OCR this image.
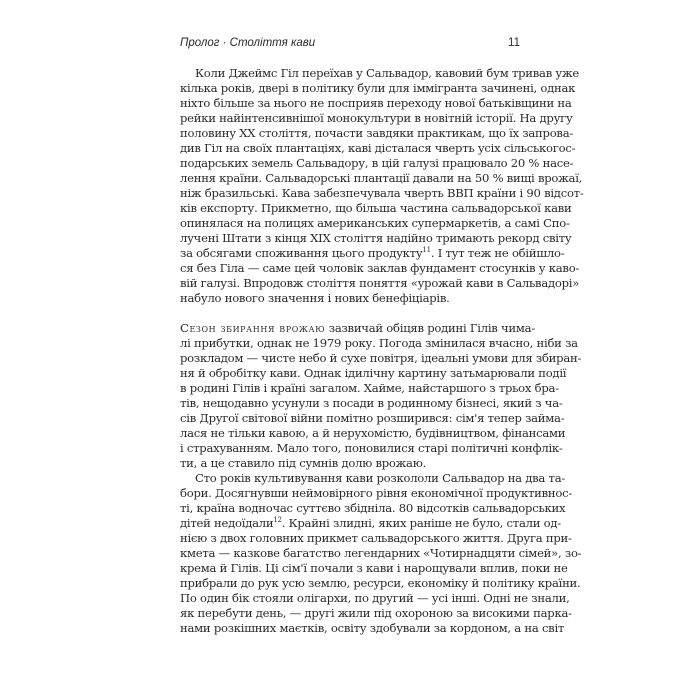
Пролог · Століття кави	11
Коли Джеймс Гіл переїхав у Сальвадор, кавовий бум тривав уже
кілька років, двері в політику були для іммігранта зачинені, однак
ніхто більше за нього не посприяв переходу нової батьківщини на
рейки найінтенсивнішої монокультури в новітній історії. На другу
половину XX століття, почасти завдяки практикам, що їх запрова-
див Гіл на своїх плантаціях, каві дісталася чверть усіх сільськогос-
подарських земель Сальвадору, в цій галузі працювало 20 % насе-
лення країни. Сальвадорські плантації давали на 50 % вищі врожаї,
ніж бразильські. Кава забезпечувала чверть ВВП країни і 90 відсот-
ків експорту. Прикметно, що більша частина сальвадорської кави
опинялася на полицях американських супермаркетів, а самі Спо-
лучені Штати з кінця XIX століття надійно тримають рекорд світу
за обсягами споживання цього продукту$^{11}$. І тут теж не обійшло-
ся без Гіла — саме цей чоловік заклав фундамент стосунків у каво-
вій галузі. Впродовж століття поняття «урожай кави в Сальвадорі»
набуло нового значення і нових бенефіціарів.
Сезон збирання врожаю зазвичай обіцяв родині Гілів чима-
лі прибутки, однак не 1979 року. Погода змінилася вчасно, ніби за
розкладом — чисте небо й сухе повітря, ідеальні умови для збиран-
ня й обробітку кави. Однак ідилічну картину затьмарювали події
в родині Гілів і країні загалом. Хайме, найстаршого з трьох бра-
тів, нещодавно усунули з посади в родинному бізнесі, який з ча-
сів Другої світової війни помітно розширився: сім'я тепер займа-
лася не тільки кавою, а й нерухомістю, будівництвом, фінансами
і страхуванням. Мало того, поновилися старі політичні конфлік-
ти, а це ставило під сумнів долю врожаю.
Сто років культивування кави розкололи Сальвадор на два та-
бори. Досягнувши неймовірного рівня економічної продуктивнос-
ті, країна водночас суттєво збідніла. 80 відсотків сальвадорських
дітей недоїдали$^{12}$. Крайні злидні, яких раніше не було, стали од-
нією з двох головних прикмет сальвадорського життя. Друга при-
кмета — казкове багатство легендарних «Чотирнадцяти сімей», зо-
крема й Гілів. Ці сім'ї почали з кави і нарощували вплив, поки не
прибрали до рук усю землю, ресурси, економіку й політику країни.
По один бік стояли олігархи, по другий — усі інші. Одні не знали,
як перебути день, — другі жили під охороною за високими парка-
нами розкішних маєтків, освіту здобували за кордоном, а на світ
